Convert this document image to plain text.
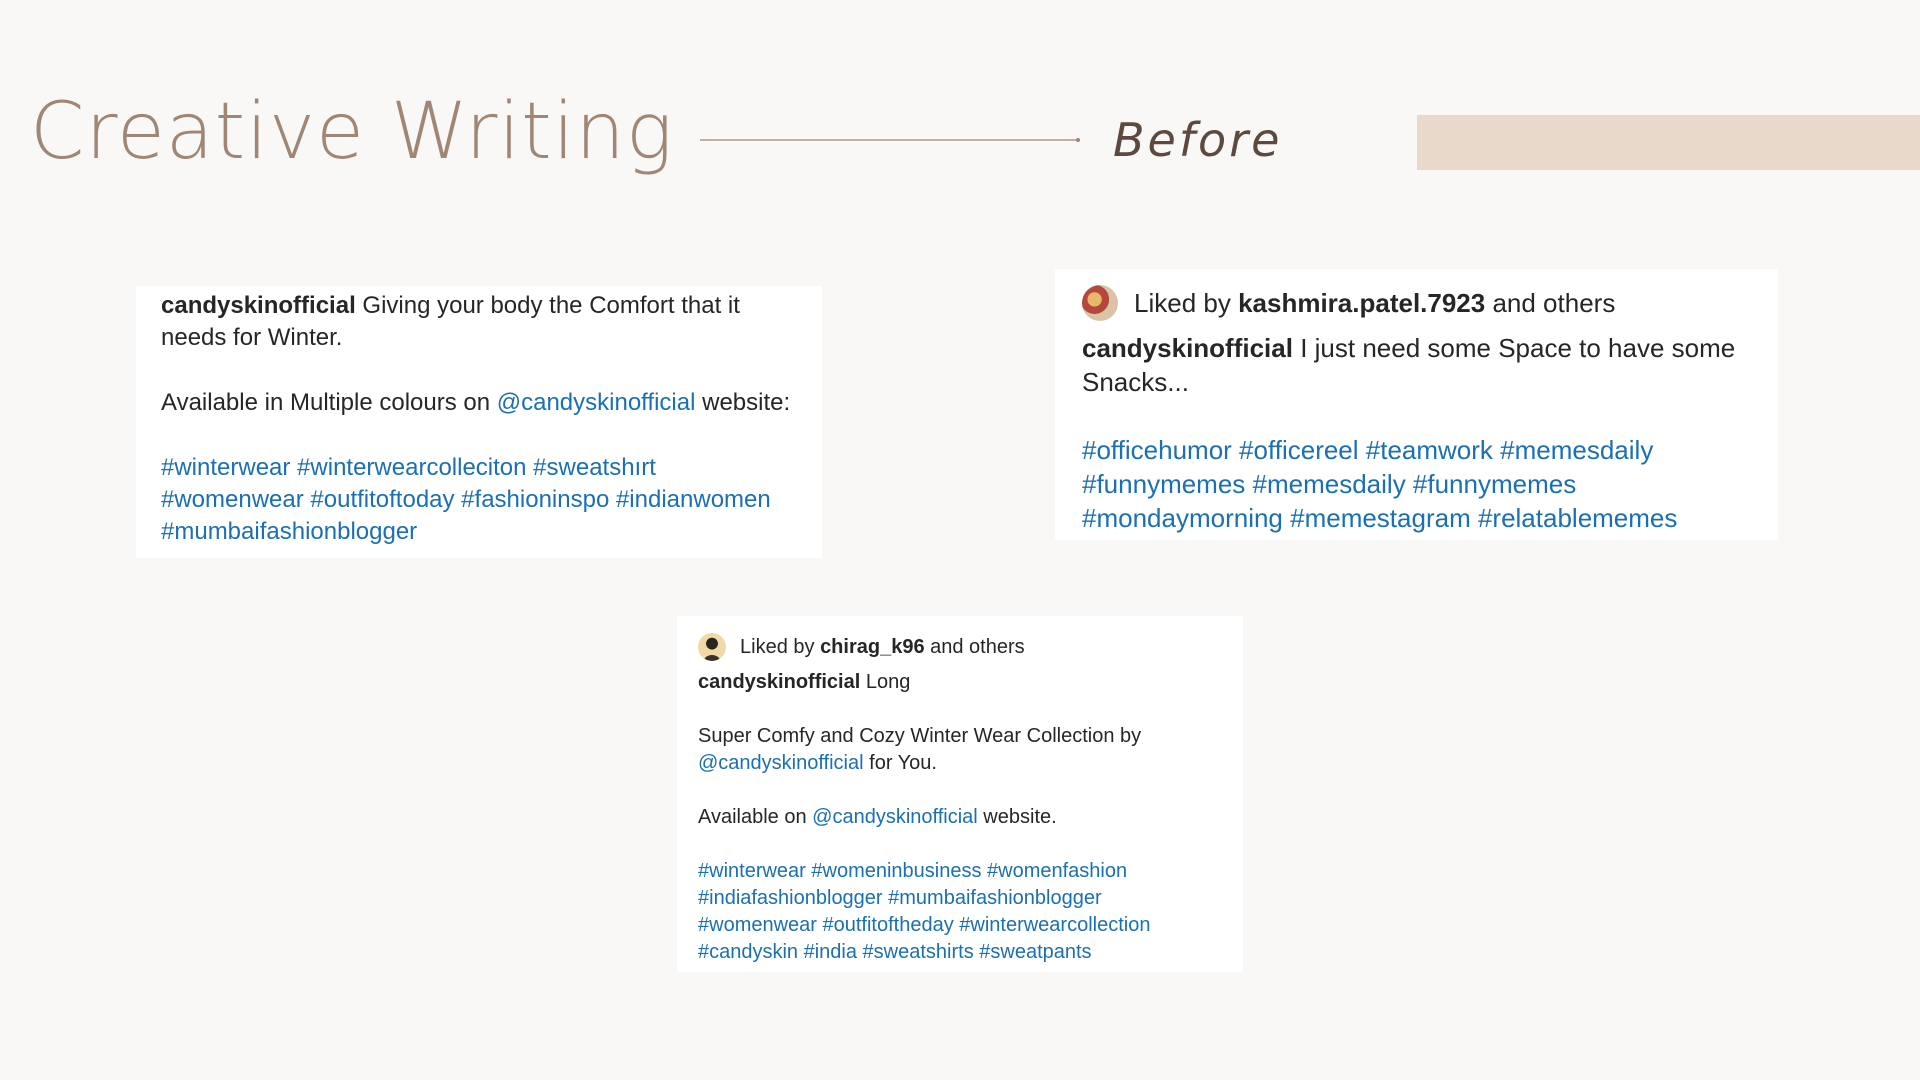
Creative Writing	Before

candyskinofficial Giving your body the Comfort that it needs for Winter.

Available in Multiple colours on @candyskinofficial website:

#winterwear #winterwearcolleciton #sweatshırt #womenwear #outfitoftoday #fashioninspo #indianwomen #mumbaifashionblogger

Liked by kashmira.patel.7923 and others

candyskinofficial I just need some Space to have some Snacks...

#officehumor #officereel #teamwork #memesdaily #funnymemes #memesdaily #funnymemes #mondaymorning #memestagram #relatablememes

Liked by chirag_k96 and others

candyskinofficial Long

Super Comfy and Cozy Winter Wear Collection by @candyskinofficial for You.

Available on @candyskinofficial website.

#winterwear #womeninbusiness #womenfashion #indiafashionblogger #mumbaifashionblogger #womenwear #outfitoftheday #winterwearcollection #candyskin #india #sweatshirts #sweatpants
